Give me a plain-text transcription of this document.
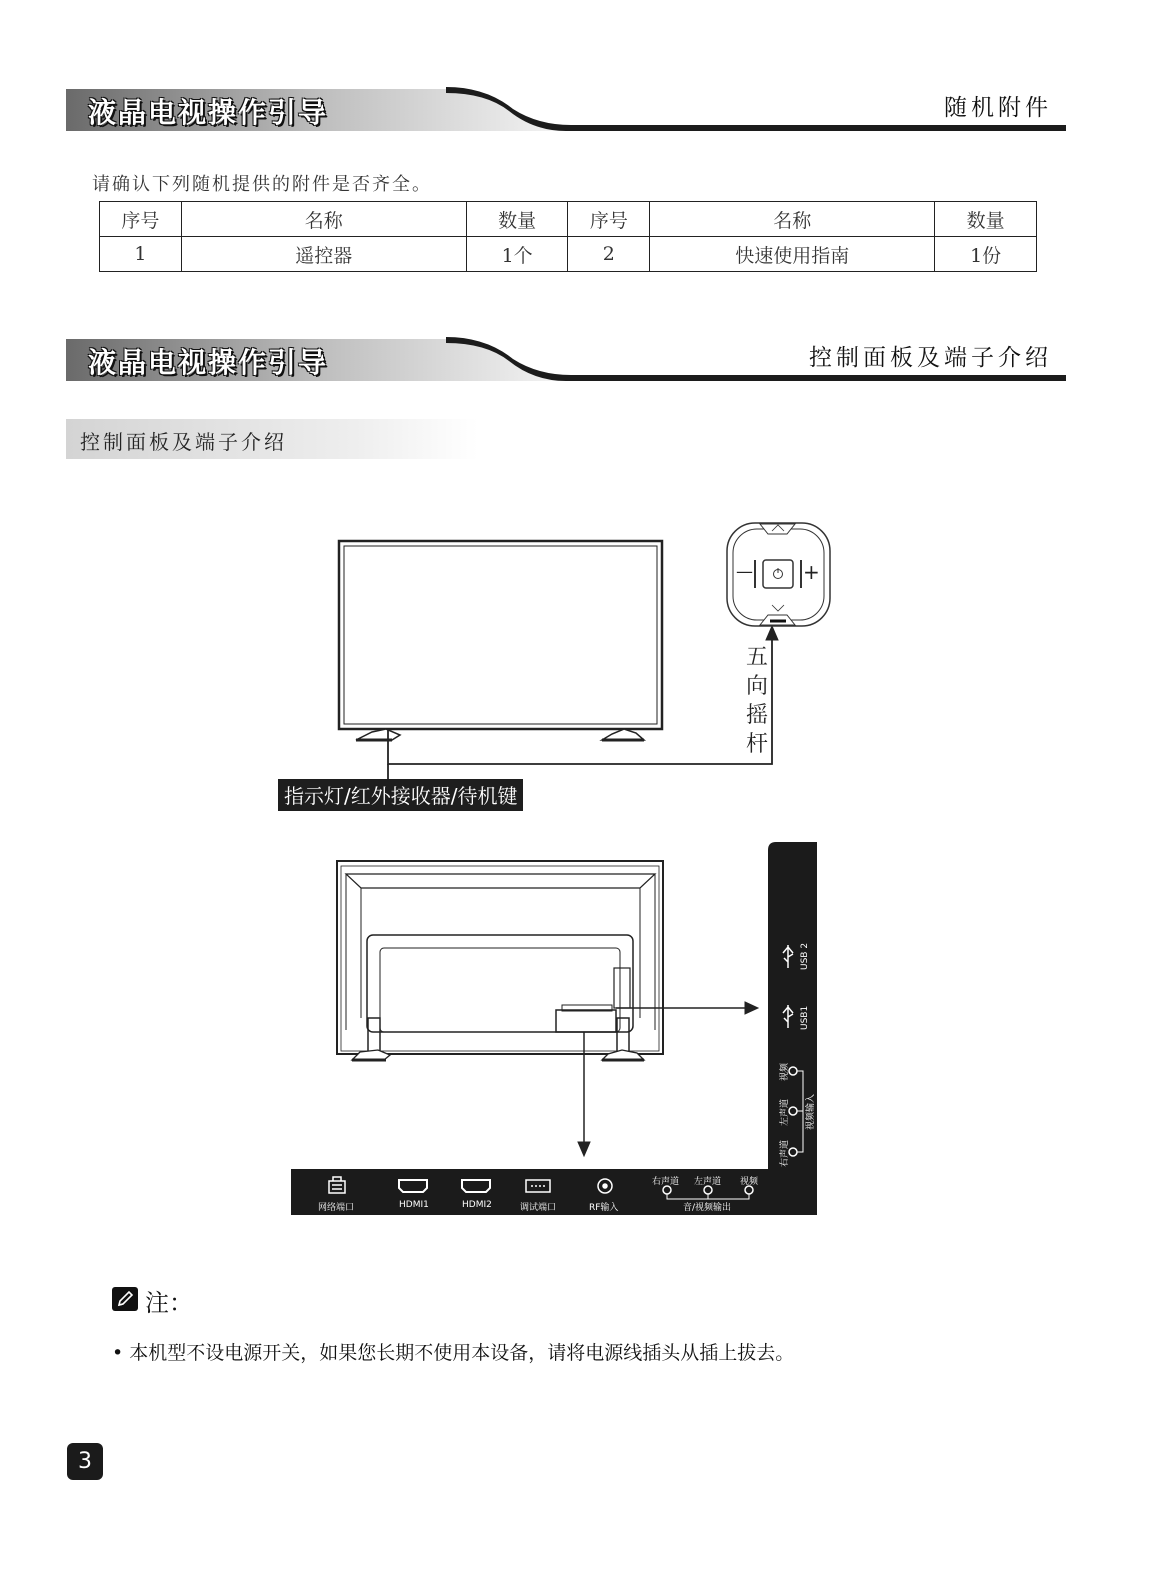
液晶电视操作引导	随机附件
请确认下列随机提供的附件是否齐全。
序号	名称	数量	序号	名称	数量
1	遥控器	1个	2	快速使用指南	1份
液晶电视操作引导	控制面板及端子介绍
控制面板及端子介绍
指示灯/红外接收器/待机键
—	+
五
向
摇
杆
网络端口	HDMI1	HDMI2	调试端口	RF输入
右声道 左声道 视频
音/视频输出
USB 2
USB1
视频
左声道
右声道
视频输入
注：
• 本机型不设电源开关，如果您长期不使用本设备，请将电源线插头从插上拔去。
3
